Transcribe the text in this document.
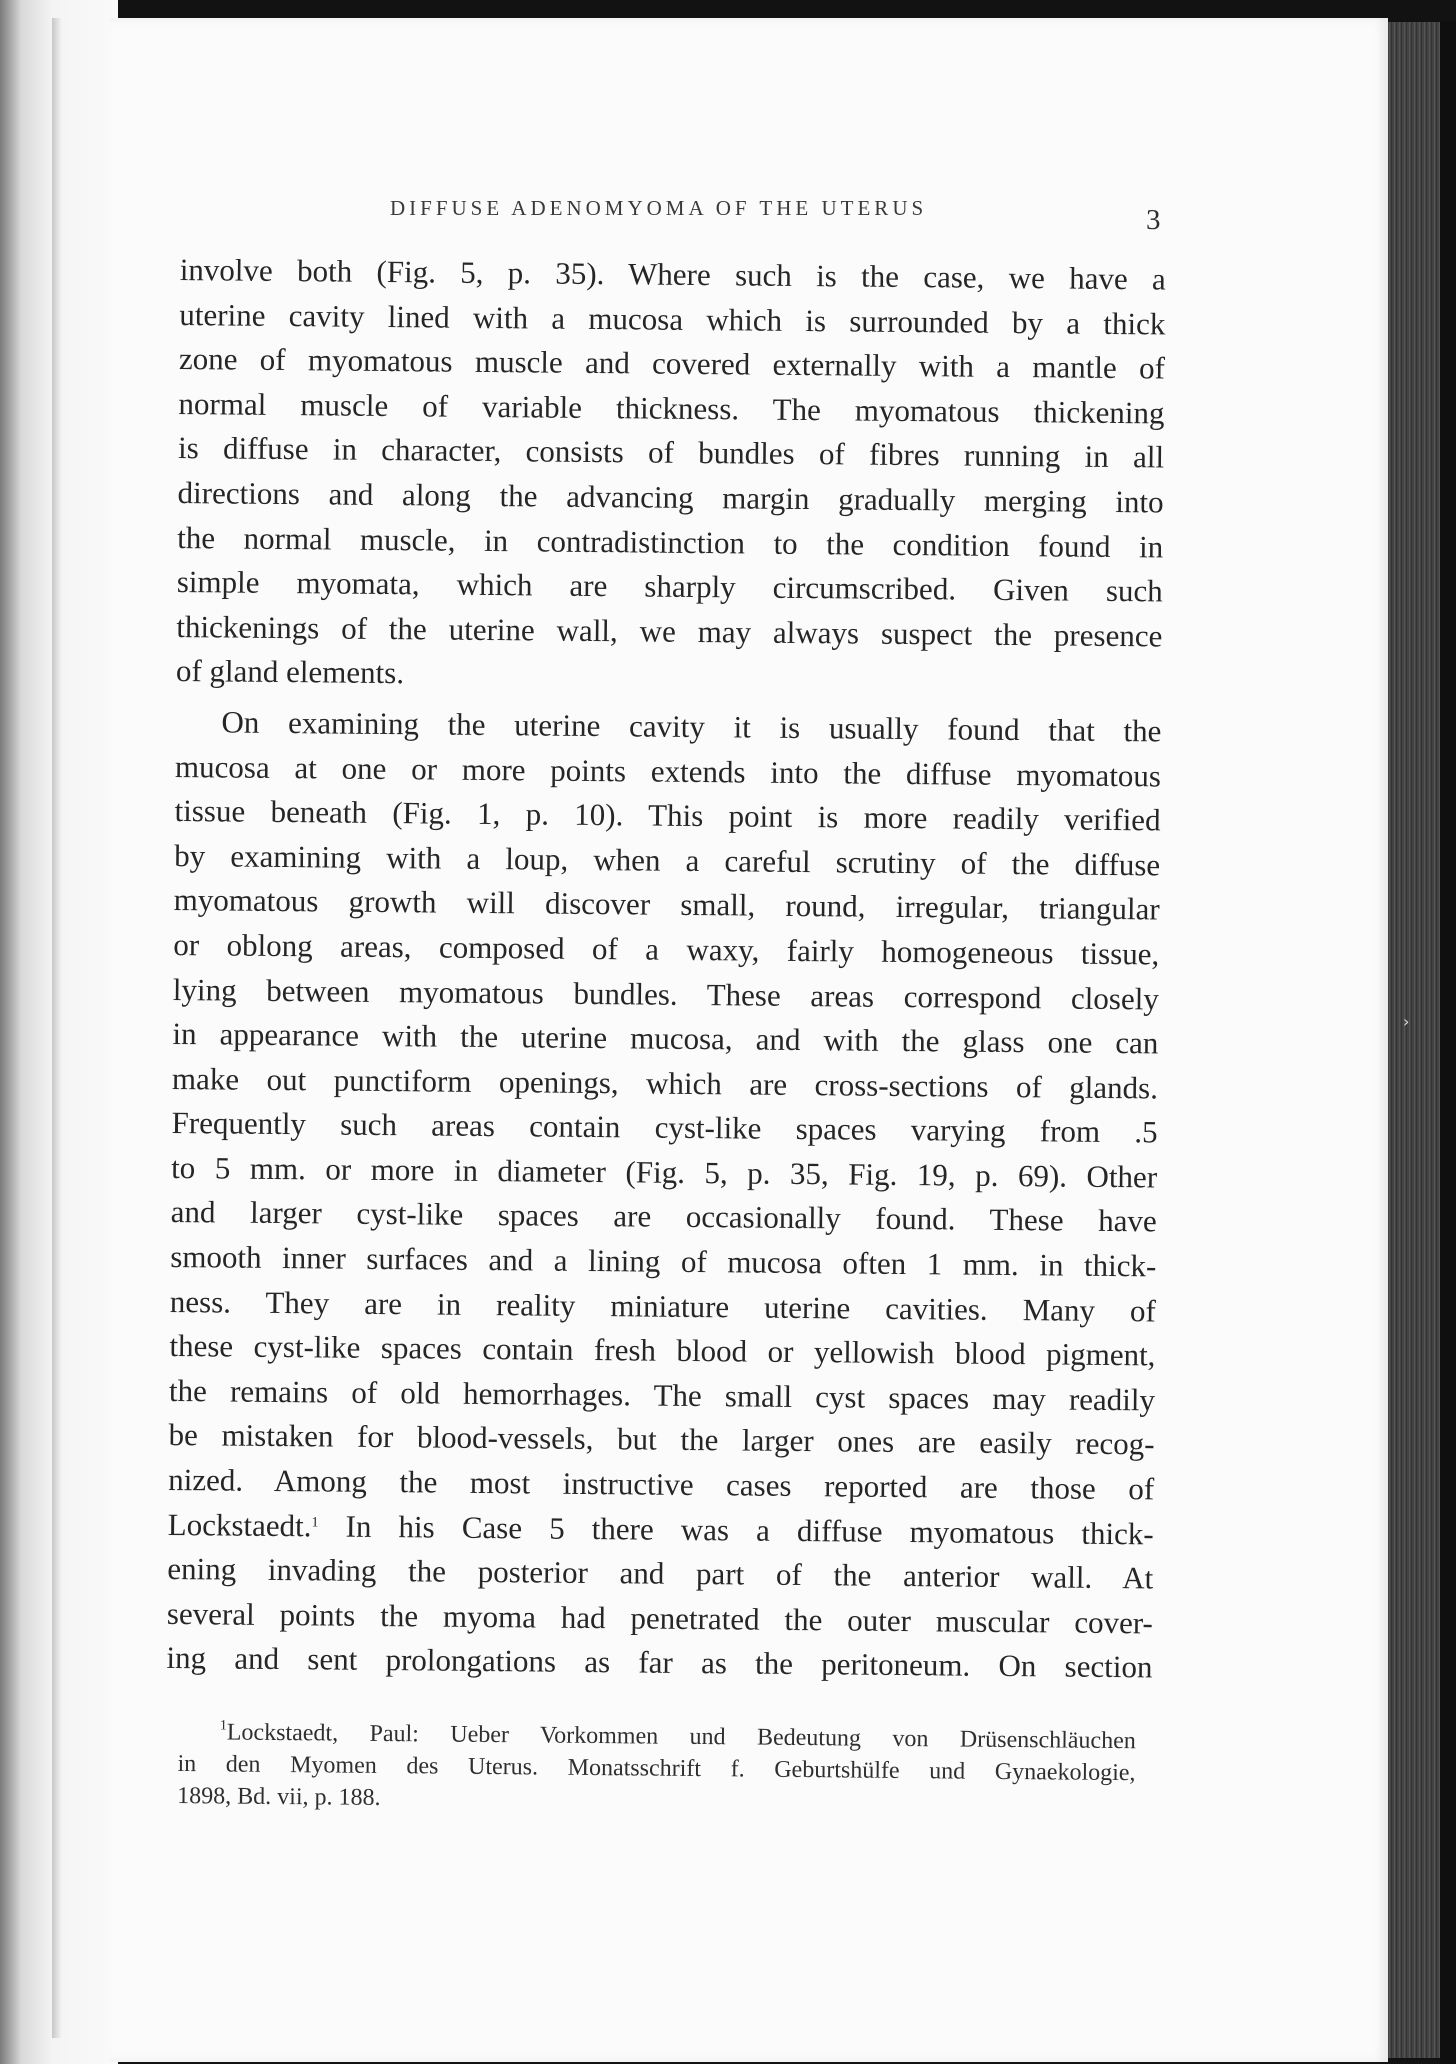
›
DIFFUSE ADENOMYOMA OF THE UTERUS	3
involve both (Fig. 5, p. 35). Where such is the case, we have a
uterine cavity lined with a mucosa which is surrounded by a thick
zone of myomatous muscle and covered externally with a mantle of
normal muscle of variable thickness. The myomatous thickening
is diffuse in character, consists of bundles of fibres running in all
directions and along the advancing margin gradually merging into
the normal muscle, in contradistinction to the condition found in
simple myomata, which are sharply circumscribed. Given such
thickenings of the uterine wall, we may always suspect the presence
of gland elements.
On examining the uterine cavity it is usually found that the
mucosa at one or more points extends into the diffuse myomatous
tissue beneath (Fig. 1, p. 10). This point is more readily verified
by examining with a loup, when a careful scrutiny of the diffuse
myomatous growth will discover small, round, irregular, triangular
or oblong areas, composed of a waxy, fairly homogeneous tissue,
lying between myomatous bundles. These areas correspond closely
in appearance with the uterine mucosa, and with the glass one can
make out punctiform openings, which are cross-sections of glands.
Frequently such areas contain cyst-like spaces varying from .5
to 5 mm. or more in diameter (Fig. 5, p. 35, Fig. 19, p. 69). Other
and larger cyst-like spaces are occasionally found. These have
smooth inner surfaces and a lining of mucosa often 1 mm. in thick-
ness. They are in reality miniature uterine cavities. Many of
these cyst-like spaces contain fresh blood or yellowish blood pigment,
the remains of old hemorrhages. The small cyst spaces may readily
be mistaken for blood-vessels, but the larger ones are easily recog-
nized. Among the most instructive cases reported are those of
Lockstaedt.$^1$ In his Case 5 there was a diffuse myomatous thick-
ening invading the posterior and part of the anterior wall. At
several points the myoma had penetrated the outer muscular cover-
ing and sent prolongations as far as the peritoneum. On section
$^1$Lockstaedt, Paul: Ueber Vorkommen und Bedeutung von Drüsenschläuchen
in den Myomen des Uterus. Monatsschrift f. Geburtshülfe und Gynaekologie,
1898, Bd. vii, p. 188.
